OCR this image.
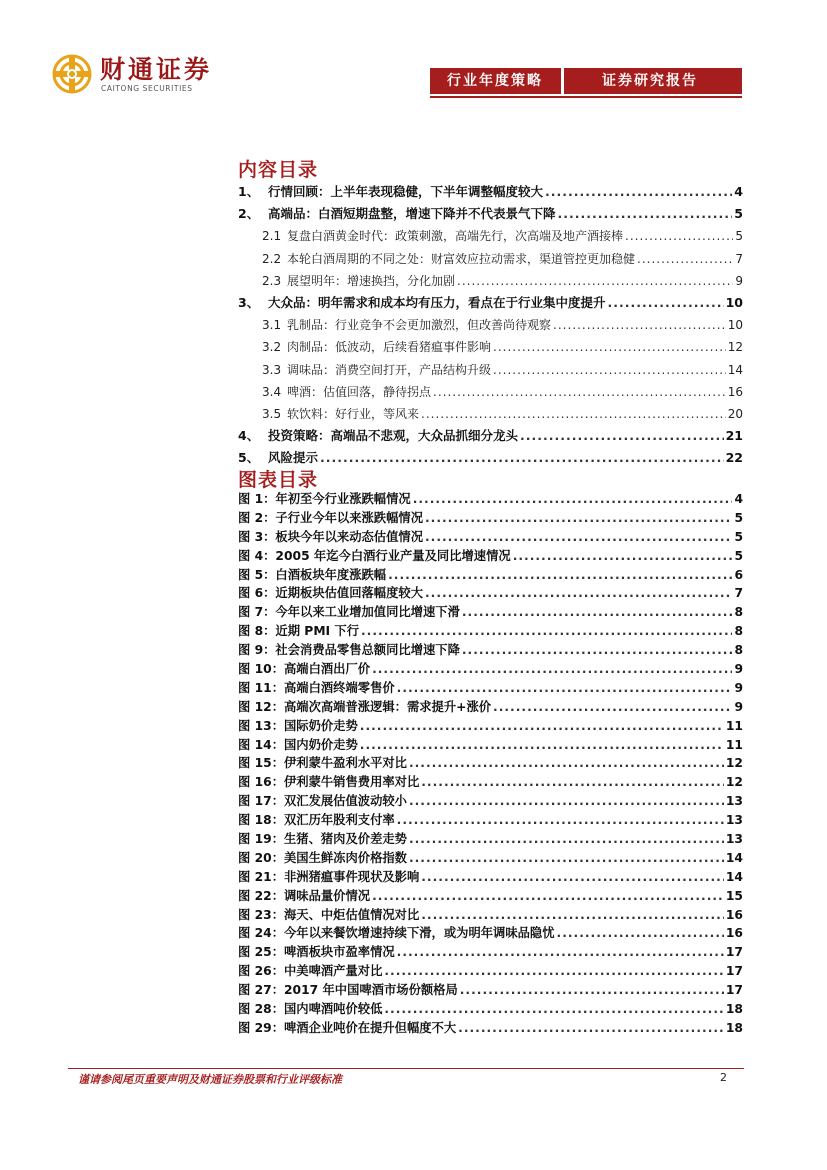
财通证券
CAITONG SECURITIES	行业年度策略	证券研究报告
内容目录
1、 行情回顾：上半年表现稳健，下半年调整幅度较大 .....	4
2、 高端品：白酒短期盘整，增速下降并不代表景气下降 .....	5
2.1 复盘白酒黄金时代：政策刺激，高端先行，次高端及地产酒接棒 .....	5
2.2 本轮白酒周期的不同之处：财富效应拉动需求，渠道管控更加稳健 .....	7
2.3 展望明年：增速换挡，分化加剧 .....	9
3、 大众品：明年需求和成本均有压力，看点在于行业集中度提升 .....	10
3.1 乳制品：行业竞争不会更加激烈，但改善尚待观察 .....	10
3.2 肉制品：低波动，后续看猪瘟事件影响 .....	12
3.3 调味品：消费空间打开，产品结构升级 .....	14
3.4 啤酒：估值回落，静待拐点 .....	16
3.5 软饮料：好行业，等风来 .....	20
4、 投资策略：高端品不悲观，大众品抓细分龙头 .....	21
5、 风险提示 .....	22
图表目录
图 1：年初至今行业涨跌幅情况 .....	4
图 2：子行业今年以来涨跌幅情况 .....	5
图 3：板块今年以来动态估值情况 .....	5
图 4：2005 年迄今白酒行业产量及同比增速情况 .....	5
图 5：白酒板块年度涨跌幅 .....	6
图 6：近期板块估值回落幅度较大 .....	7
图 7：今年以来工业增加值同比增速下滑 .....	8
图 8：近期 PMI 下行 .....	8
图 9：社会消费品零售总额同比增速下降 .....	8
图 10：高端白酒出厂价 .....	9
图 11：高端白酒终端零售价 .....	9
图 12：高端次高端普涨逻辑：需求提升+涨价 .....	9
图 13：国际奶价走势 .....	11
图 14：国内奶价走势 .....	11
图 15：伊利蒙牛盈利水平对比 .....	12
图 16：伊利蒙牛销售费用率对比 .....	12
图 17：双汇发展估值波动较小 .....	13
图 18：双汇历年股利支付率 .....	13
图 19：生猪、猪肉及价差走势 .....	13
图 20：美国生鲜冻肉价格指数 .....	14
图 21：非洲猪瘟事件现状及影响 .....	14
图 22：调味品量价情况 .....	15
图 23：海天、中炬估值情况对比 .....	16
图 24：今年以来餐饮增速持续下滑，或为明年调味品隐忧 .....	16
图 25：啤酒板块市盈率情况 .....	17
图 26：中美啤酒产量对比 .....	17
图 27：2017 年中国啤酒市场份额格局 .....	17
图 28：国内啤酒吨价较低 .....	18
图 29：啤酒企业吨价在提升但幅度不大 .....	18
谨请参阅尾页重要声明及财通证券股票和行业评级标准	2
